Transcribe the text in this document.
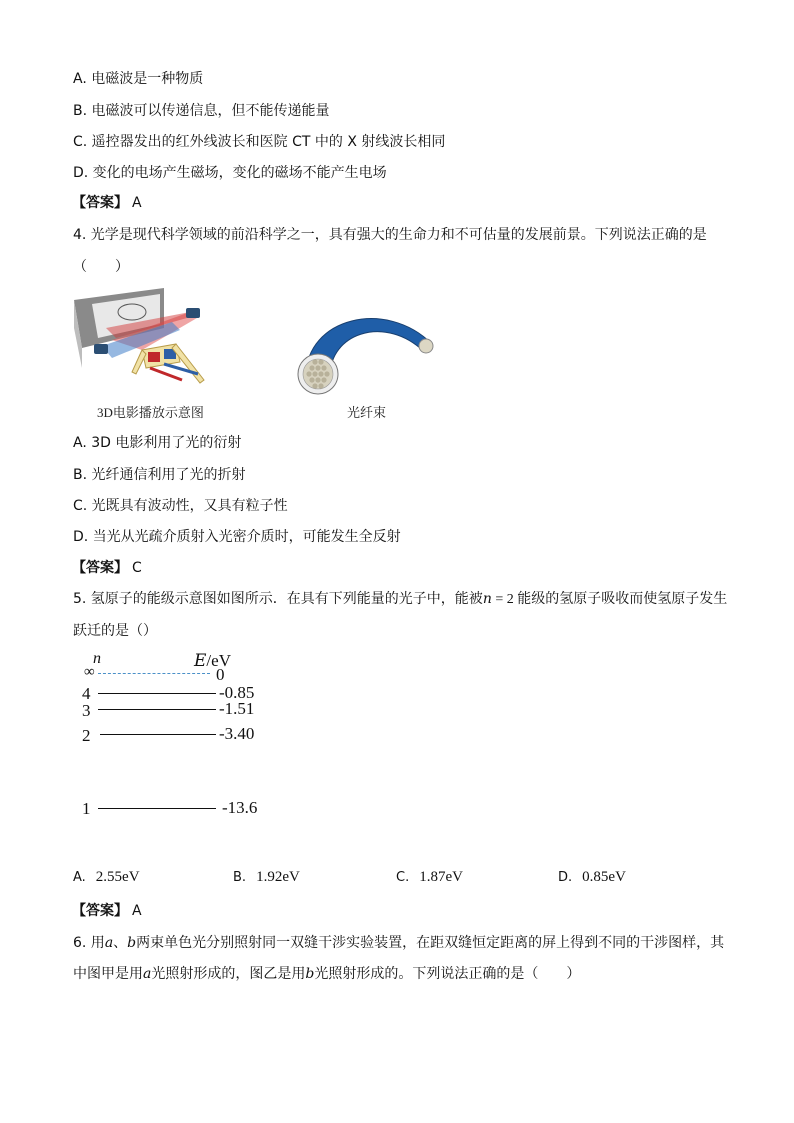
A. 电磁波是一种物质
B. 电磁波可以传递信息，但不能传递能量
C. 遥控器发出的红外线波长和医院 CT 中的 X 射线波长相同
D. 变化的电场产生磁场，变化的磁场不能产生电场
【答案】 A
4. 光学是现代科学领域的前沿科学之一，具有强大的生命力和不可估量的发展前景。下列说法正确的是
（　　）
3D电影播放示意图	光纤束
A. 3D 电影利用了光的衍射
B. 光纤通信利用了光的折射
C. 光既具有波动性，又具有粒子性
D. 当光从光疏介质射入光密介质时，可能发生全反射
【答案】 C
5. 氢原子的能级示意图如图所示．在具有下列能量的光子中，能被n = 2 能级的氢原子吸收而使氢原子发生
跃迁的是（）
n	E/eV
∞	0
4	-0.85
3	-1.51
2	-3.40
1	-13.6
A. 2.55eV	B. 1.92eV	C. 1.87eV	D. 0.85eV
【答案】 A
6. 用a、b两束单色光分别照射同一双缝干涉实验装置，在距双缝恒定距离的屏上得到不同的干涉图样，其
中图甲是用a光照射形成的，图乙是用b光照射形成的。下列说法正确的是（　　）
